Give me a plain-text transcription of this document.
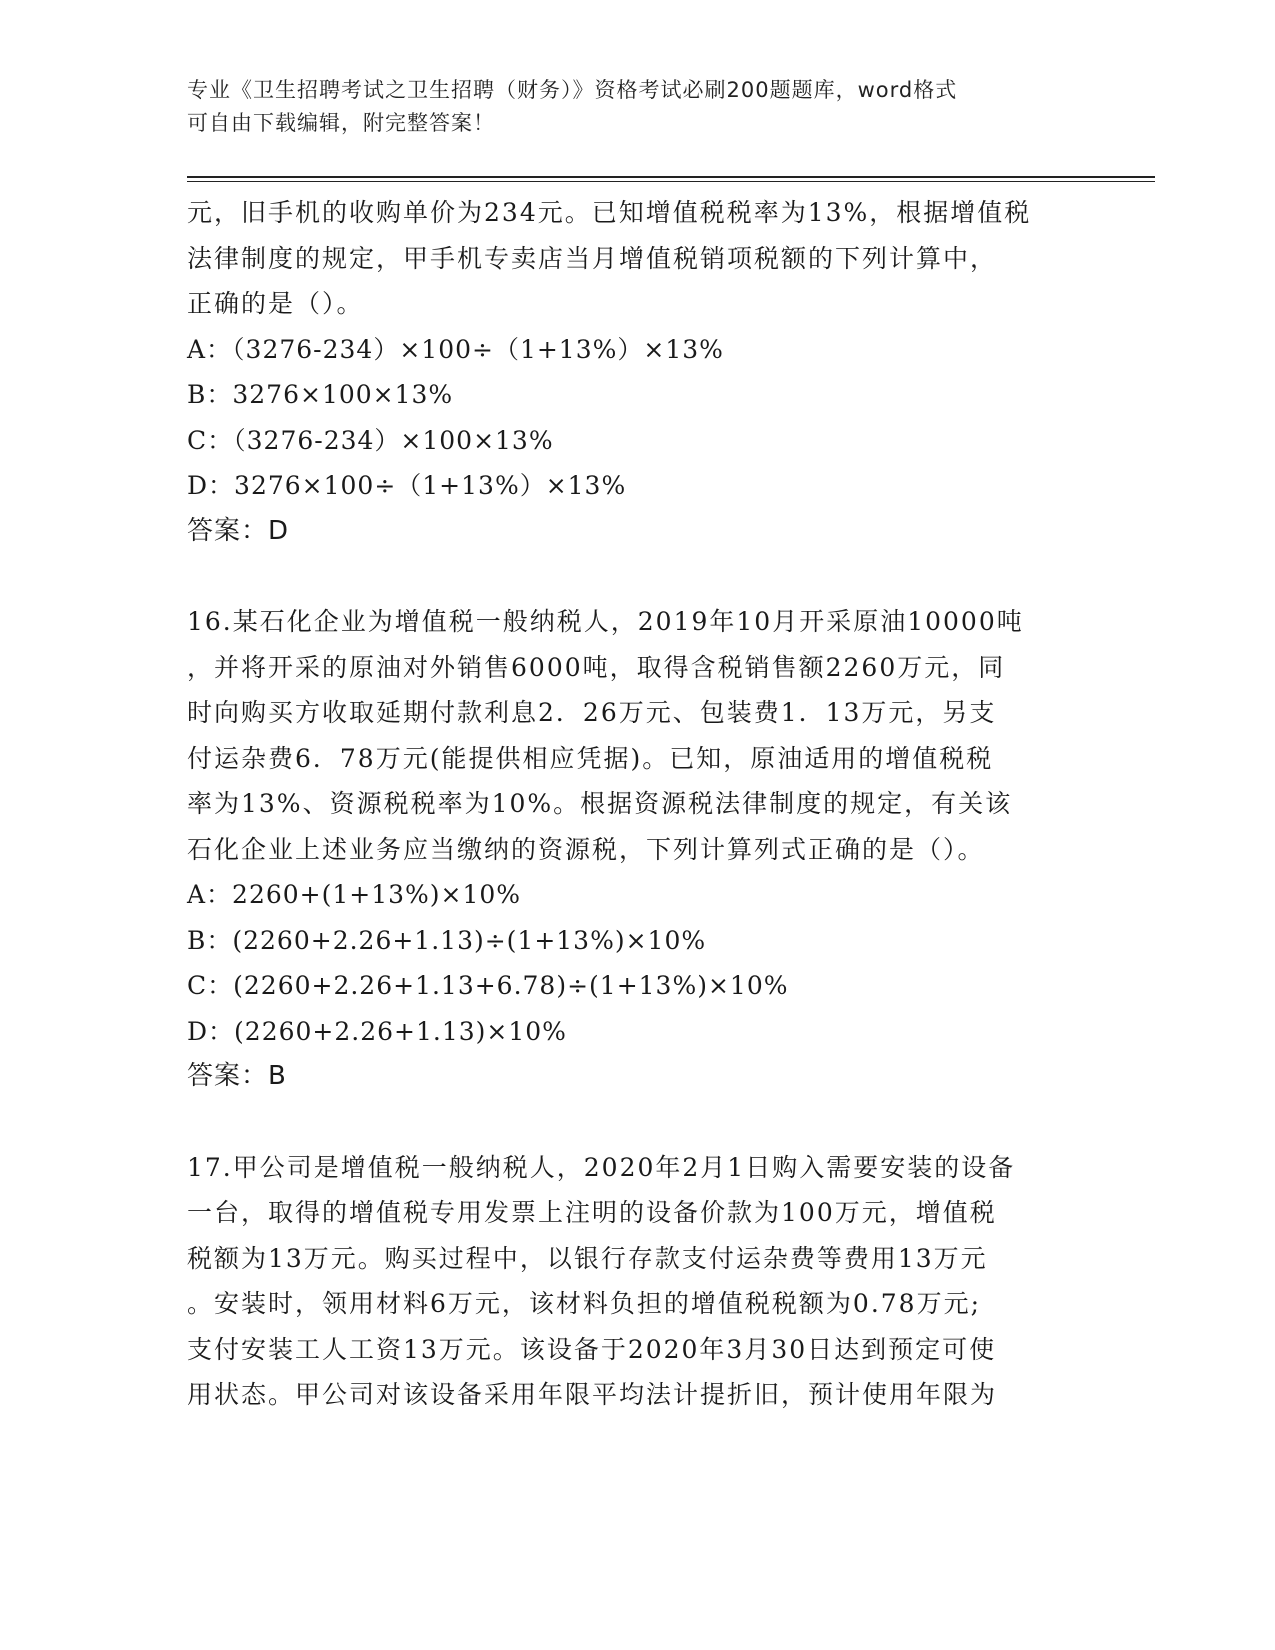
专业《卫生招聘考试之卫生招聘（财务）》资格考试必刷200题题库，word格式
可自由下载编辑，附完整答案！
元，旧手机的收购单价为234元。已知增值税税率为13%，根据增值税
法律制度的规定，甲手机专卖店当月增值税销项税额的下列计算中，
正确的是（）。
A：（3276-234）×100÷（1+13%）×13%
B：3276×100×13%
C：（3276-234）×100×13%
D：3276×100÷（1+13%）×13%
答案：D
16.某石化企业为增值税一般纳税人，2019年10月开采原油10000吨
，并将开采的原油对外销售6000吨，取得含税销售额2260万元，同
时向购买方收取延期付款利息2．26万元、包装费1．13万元，另支
付运杂费6．78万元(能提供相应凭据)。已知，原油适用的增值税税
率为13%、资源税税率为10%。根据资源税法律制度的规定，有关该
石化企业上述业务应当缴纳的资源税，下列计算列式正确的是（）。
A：2260+(1+13%)×10%
B：(2260+2.26+1.13)÷(1+13%)×10%
C：(2260+2.26+1.13+6.78)÷(1+13%)×10%
D：(2260+2.26+1.13)×10%
答案：B
17.甲公司是增值税一般纳税人，2020年2月1日购入需要安装的设备
一台，取得的增值税专用发票上注明的设备价款为100万元，增值税
税额为13万元。购买过程中，以银行存款支付运杂费等费用13万元
。安装时，领用材料6万元，该材料负担的增值税税额为0.78万元;
支付安装工人工资13万元。该设备于2020年3月30日达到预定可使
用状态。甲公司对该设备采用年限平均法计提折旧，预计使用年限为
